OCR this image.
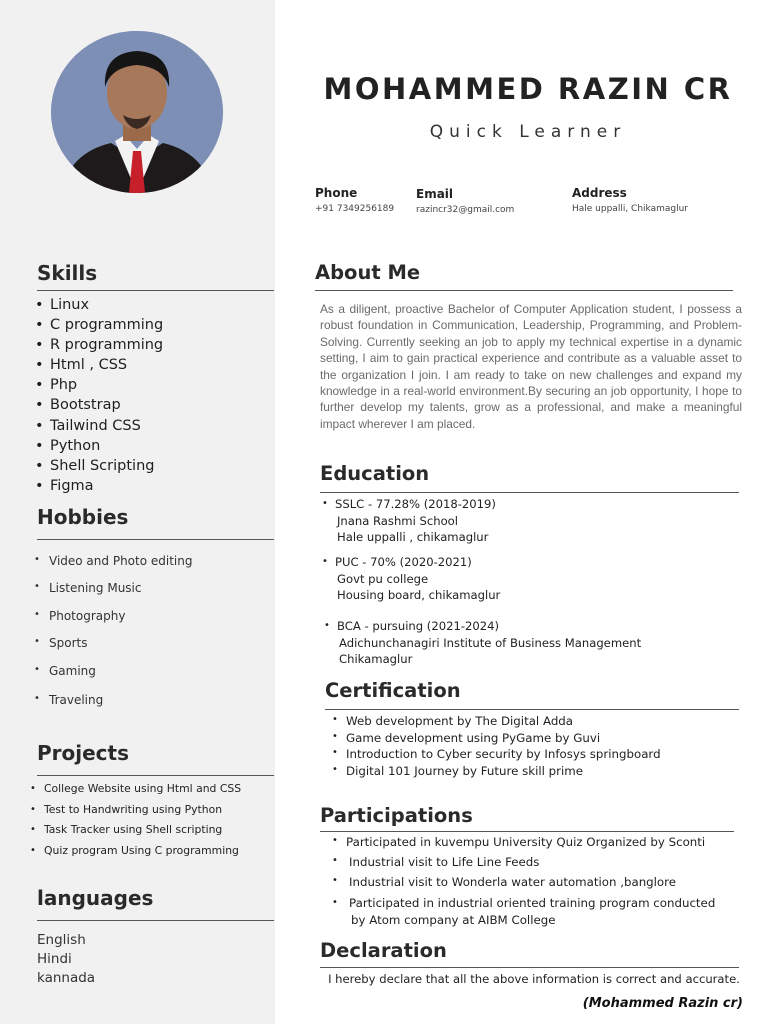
Skills
• Linux
• C programming
• R programming
• Html , CSS
• Php
• Bootstrap
• Tailwind CSS
• Python
• Shell Scripting
• Figma
Hobbies
• Video and Photo editing
• Listening Music
• Photography
• Sports
• Gaming
• Traveling
Projects
• College Website using Html and CSS
• Test to Handwriting using Python
• Task Tracker using Shell scripting
• Quiz program Using C programming
languages
English
Hindi
kannada
MOHAMMED RAZIN CR
Quick Learner
Phone
+91 7349256189
Email
razincr32@gmail.com
Address
Hale uppalli, Chikamaglur
About Me

As a diligent, proactive Bachelor of Computer Application student, I possess a robust foundation in Communication, Leadership, Programming, and Problem-Solving. Currently seeking an job to apply my technical expertise in a dynamic setting, I aim to gain practical experience and contribute as a valuable asset to the organization I join. I am ready to take on new challenges and expand my knowledge in a real-world environment.By securing an job opportunity, I hope to further develop my talents, grow as a professional, and make a meaningful impact wherever I am placed.

Education
• SSLC - 77.28% (2018-2019)
Jnana Rashmi School
Hale uppalli , chikamaglur
• PUC - 70% (2020-2021)
Govt pu college
Housing board, chikamaglur
• BCA - pursuing (2021-2024)
Adichunchanagiri Institute of Business Management
Chikamaglur
Certification
• Web development by The Digital Adda
• Game development using PyGame by Guvi
• Introduction to Cyber security by Infosys springboard
• Digital 101 Journey by Future skill prime
Participations
• Participated in kuvempu University Quiz Organized by Sconti
• Industrial visit to Life Line Feeds
• Industrial visit to Wonderla water automation ,banglore
• Participated in industrial oriented training program conducted
by Atom company at AIBM College
Declaration
I hereby declare that all the above information is correct and accurate.
(Mohammed Razin cr)
